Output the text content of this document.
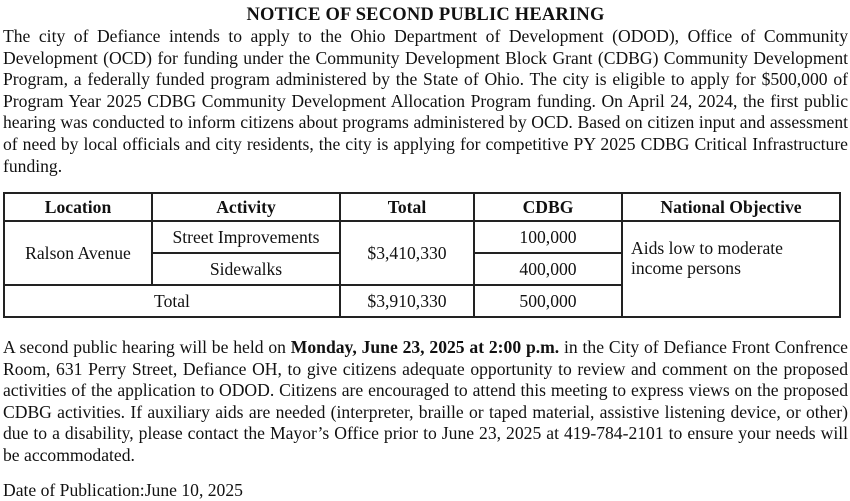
NOTICE OF SECOND PUBLIC HEARING

The city of Defiance intends to apply to the Ohio Department of Development (ODOD), Office of Community Development (OCD) for funding under the Community Development Block Grant (CDBG) Community Development Program, a federally funded program administered by the State of Ohio. The city is eligible to apply for $500,000 of Program Year 2025 CDBG Community Development Allocation Program funding. On April 24, 2024, the first public hearing was conducted to inform citizens about programs administered by OCD. Based on citizen input and assessment of need by local officials and city residents, the city is applying for competitive PY 2025 CDBG Critical Infrastructure funding.

Location	Activity	Total	CDBG	National Objective
Ralson Avenue	Street Improvements	$3,410,330	100,000	Aids low to moderate income persons
	Sidewalks		400,000	
Total		$3,910,330	500,000	

A second public hearing will be held on Monday, June 23, 2025 at 2:00 p.m. in the City of Defiance Front Confrence Room, 631 Perry Street, Defiance OH, to give citizens adequate opportunity to review and comment on the proposed activities of the application to ODOD. Citizens are encouraged to attend this meeting to express views on the proposed CDBG activities. If auxiliary aids are needed (interpreter, braille or taped material, assistive listening device, or other) due to a disability, please contact the Mayor’s Office prior to June 23, 2025 at 419-784-2101 to ensure your needs will be accommodated.

Date of Publication:June 10, 2025
